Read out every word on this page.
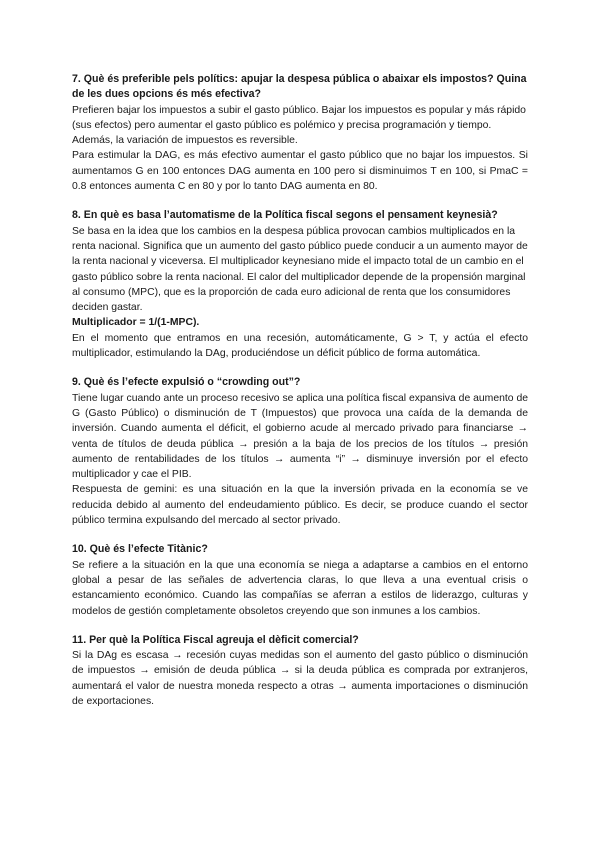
7. Què és preferible pels polítics: apujar la despesa pública o abaixar els impostos? Quina de les dues opcions és més efectiva?

Prefieren bajar los impuestos a subir el gasto público. Bajar los impuestos es popular y más rápido (sus efectos) pero aumentar el gasto público es polémico y precisa programación y tiempo. Además, la variación de impuestos es reversible.

Para estimular la DAG, es más efectivo aumentar el gasto público que no bajar los impuestos. Si aumentamos G en 100 entonces DAG aumenta en 100 pero si disminuimos T en 100, si PmaC = 0.8 entonces aumenta C en 80 y por lo tanto DAG aumenta en 80.

8. En què es basa l’automatisme de la Política fiscal segons el pensament keynesià?

Se basa en la idea que los cambios en la despesa pública provocan cambios multiplicados en la renta nacional. Significa que un aumento del gasto público puede conducir a un aumento mayor de la renta nacional y viceversa. El multiplicador keynesiano mide el impacto total de un cambio en el gasto público sobre la renta nacional. El calor del multiplicador depende de la propensión marginal al consumo (MPC), que es la proporción de cada euro adicional de renta que los consumidores deciden gastar.

Multiplicador = 1/(1-MPC).

En el momento que entramos en una recesión, automáticamente, G > T, y actúa el efecto multiplicador, estimulando la DAg, produciéndose un déficit público de forma automática.

9. Què és l’efecte expulsió o “crowding out”?

Tiene lugar cuando ante un proceso recesivo se aplica una política fiscal expansiva de aumento de G (Gasto Público) o disminución de T (Impuestos) que provoca una caída de la demanda de inversión. Cuando aumenta el déficit, el gobierno acude al mercado privado para financiarse → venta de títulos de deuda pública → presión a la baja de los precios de los títulos → presión aumento de rentabilidades de los títulos → aumenta “i” → disminuye inversión por el efecto multiplicador y cae el PIB.

Respuesta de gemini: es una situación en la que la inversión privada en la economía se ve reducida debido al aumento del endeudamiento público. Es decir, se produce cuando el sector público termina expulsando del mercado al sector privado.

10. Què és l’efecte Titànic?

Se refiere a la situación en la que una economía se niega a adaptarse a cambios en el entorno global a pesar de las señales de advertencia claras, lo que lleva a una eventual crisis o estancamiento económico. Cuando las compañías se aferran a estilos de liderazgo, culturas y modelos de gestión completamente obsoletos creyendo que son inmunes a los cambios.

11. Per què la Política Fiscal agreuja el dèficit comercial?

Si la DAg es escasa → recesión cuyas medidas son el aumento del gasto público o disminución de impuestos → emisión de deuda pública → si la deuda pública es comprada por extranjeros, aumentará el valor de nuestra moneda respecto a otras → aumenta importaciones o disminución de exportaciones.
